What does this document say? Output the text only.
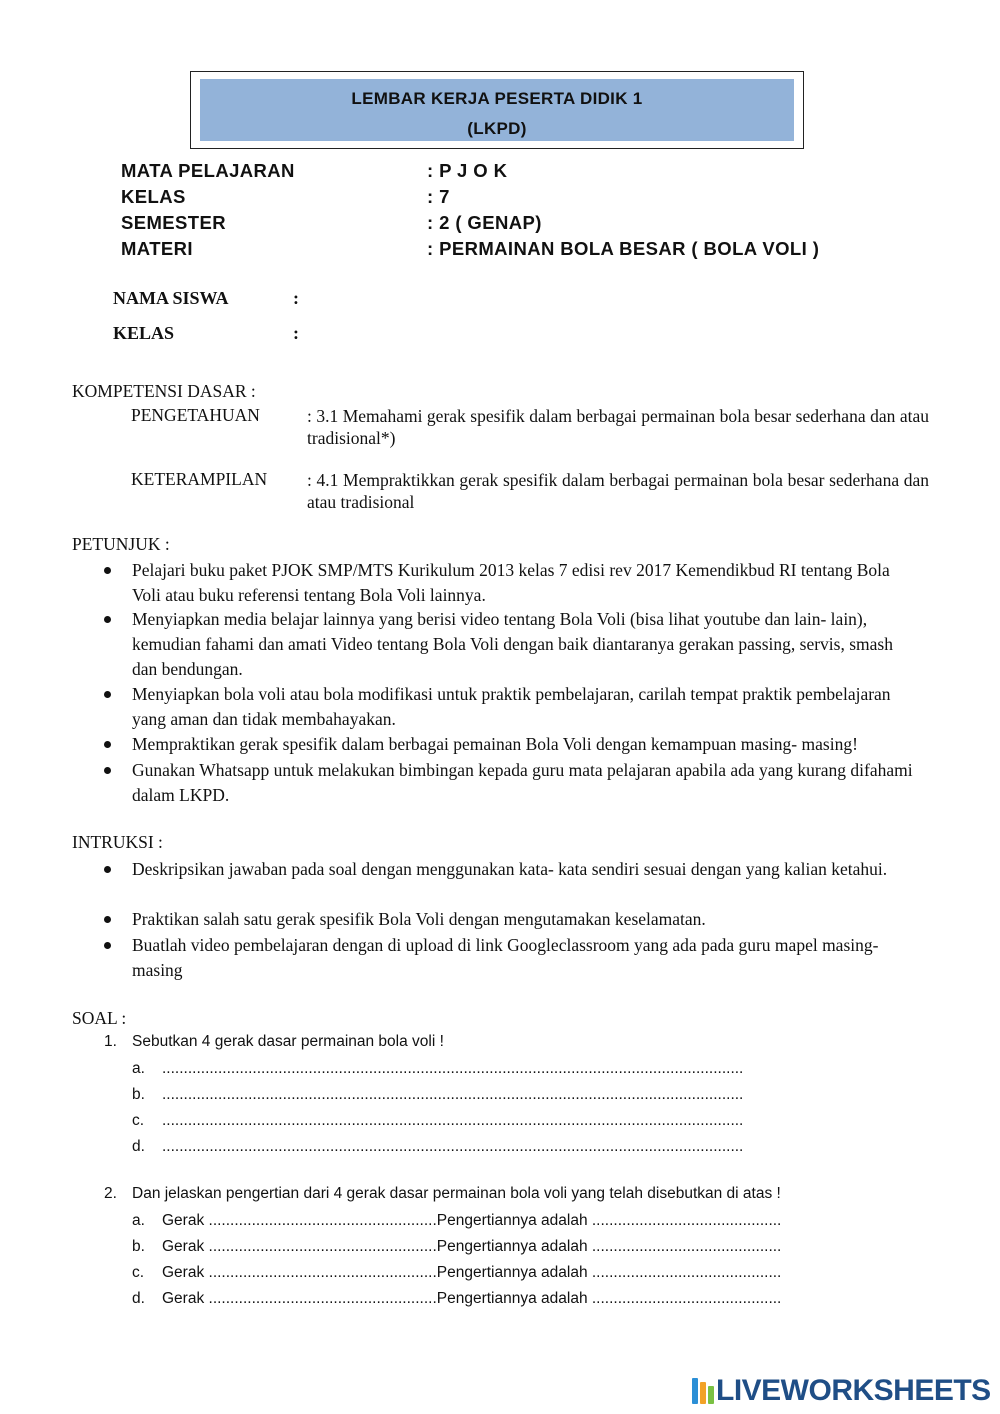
LEMBAR KERJA PESERTA DIDIK 1
(LKPD)
MATA PELAJARAN	: P J O K
KELAS	: 7
SEMESTER	: 2 ( GENAP)
MATERI	: PERMAINAN BOLA BESAR ( BOLA VOLI )
NAMA SISWA	:
KELAS	:
KOMPETENSI DASAR :
PENGETAHUAN	: 3.1 Memahami gerak spesifik dalam berbagai permainan bola besar sederhana dan atau tradisional*)
KETERAMPILAN : 4.1 Mempraktikkan gerak spesifik dalam berbagai permainan bola besar sederhana dan atau tradisional
PETUNJUK :
Pelajari buku paket PJOK SMP/MTS Kurikulum 2013 kelas 7 edisi rev 2017 Kemendikbud RI tentang Bola Voli atau buku referensi tentang Bola Voli lainnya.
Menyiapkan media belajar lainnya yang berisi video tentang Bola Voli (bisa lihat youtube dan lain- lain), kemudian fahami dan amati Video tentang Bola Voli dengan baik diantaranya gerakan passing, servis, smash dan bendungan.
Menyiapkan bola voli atau bola modifikasi untuk praktik pembelajaran, carilah tempat praktik pembelajaran yang aman dan tidak membahayakan.
Mempraktikan gerak spesifik dalam berbagai pemainan Bola Voli dengan kemampuan masing- masing!
Gunakan Whatsapp untuk melakukan bimbingan kepada guru mata pelajaran apabila ada yang kurang difahami dalam LKPD.
INTRUKSI :
Deskripsikan jawaban pada soal dengan menggunakan kata- kata sendiri sesuai dengan yang kalian ketahui.
Praktikan salah satu gerak spesifik Bola Voli dengan mengutamakan keselamatan.
Buatlah video pembelajaran dengan di upload di link Googleclassroom yang ada pada guru mapel masing-masing
SOAL :
1. Sebutkan 4 gerak dasar permainan bola voli !
a. .......................................................................................................................................
b. .......................................................................................................................................
c. .......................................................................................................................................
d. .......................................................................................................................................
2. Dan jelaskan pengertian dari 4 gerak dasar permainan bola voli yang telah disebutkan di atas !
a. Gerak .....................................................Pengertiannya adalah ............................................
b. Gerak .....................................................Pengertiannya adalah ............................................
c. Gerak .....................................................Pengertiannya adalah ............................................
d. Gerak .....................................................Pengertiannya adalah ............................................
LIVEWORKSHEETS
